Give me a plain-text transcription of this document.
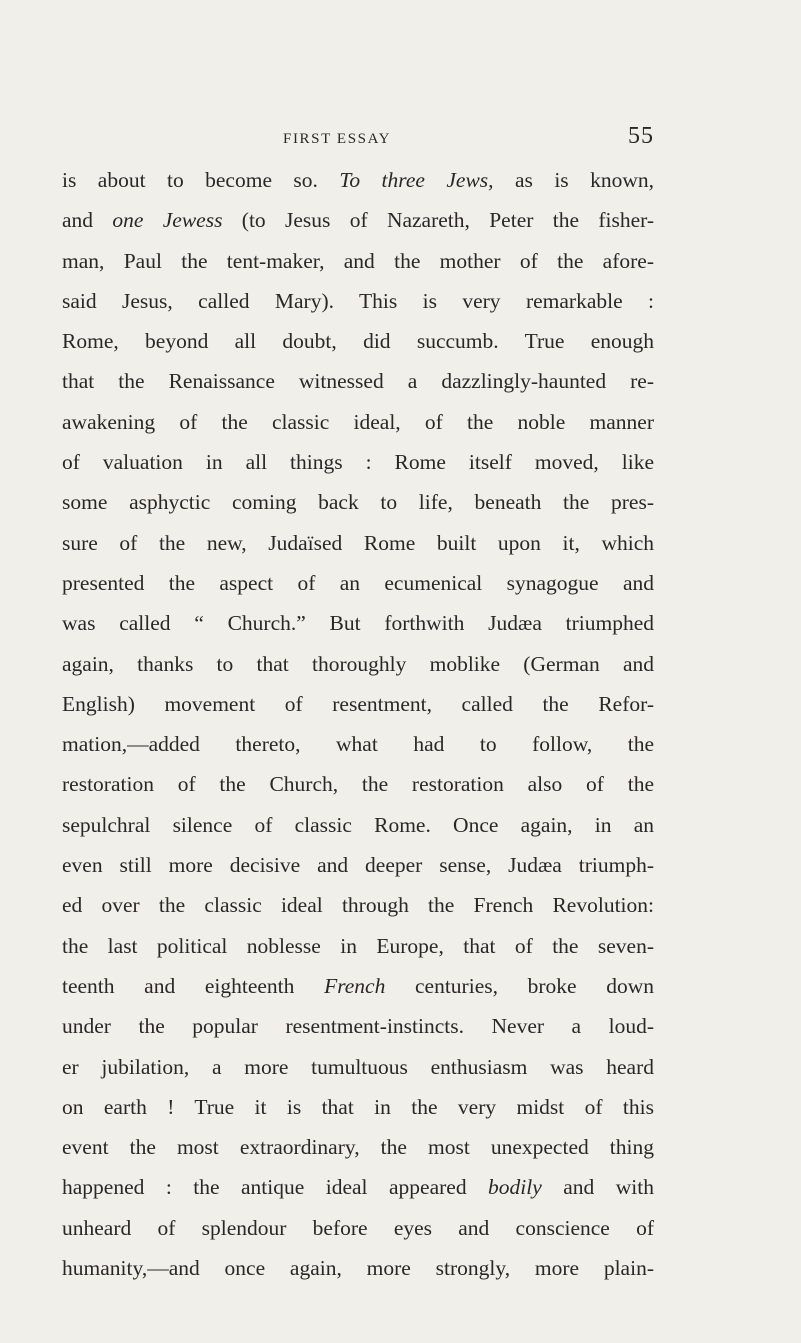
FIRST ESSAY	55
is about to become so. To three Jews, as is known,
and one Jewess (to Jesus of Nazareth, Peter the fisher-
man, Paul the tent-maker, and the mother of the afore-
said Jesus, called Mary). This is very remarkable :
Rome, beyond all doubt, did succumb. True enough
that the Renaissance witnessed a dazzlingly-haunted re-
awakening of the classic ideal, of the noble manner
of valuation in all things : Rome itself moved, like
some asphyctic coming back to life, beneath the pres-
sure of the new, Judaïsed Rome built upon it, which
presented the aspect of an ecumenical synagogue and
was called “ Church.” But forthwith Judæa triumphed
again, thanks to that thoroughly moblike (German and
English) movement of resentment, called the Refor-
mation,—added thereto, what had to follow, the
restoration of the Church, the restoration also of the
sepulchral silence of classic Rome. Once again, in an
even still more decisive and deeper sense, Judæa triumph-
ed over the classic ideal through the French Revolution:
the last political noblesse in Europe, that of the seven-
teenth and eighteenth French centuries, broke down
under the popular resentment-instincts. Never a loud-
er jubilation, a more tumultuous enthusiasm was heard
on earth ! True it is that in the very midst of this
event the most extraordinary, the most unexpected thing
happened : the antique ideal appeared bodily and with
unheard of splendour before eyes and conscience of
humanity,—and once again, more strongly, more plain-
